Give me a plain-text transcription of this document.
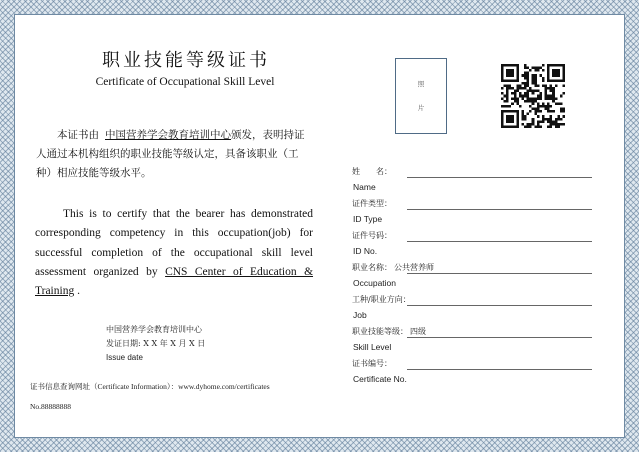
职业技能等级证书
Certificate of Occupational Skill Level
本证书由 中国营养学会教育培训中心颁发，表明持证人通过本机构组织的职业技能等级认定，具备该职业（工种）相应技能等级水平。
This is to certify that the bearer has demonstrated corresponding competency in this occupation(job) for successful completion of the occupational skill level assessment organized by CNS Center of Education & Training .
中国营养学会教育培训中心
发证日期: X X 年 X 月 X 日
Issue date
证书信息查询网址（Certificate Information）：www.dyhome.com/certificates
No.88888888
照
片
姓　　名：
Name
证件类型：
ID Type
证件号码：
ID No.
职业名称： 公共营养师
Occupation
工种/职业方向：
Job
职业技能等级： 四级
Skill Level
证书编号：
Certificate No.
